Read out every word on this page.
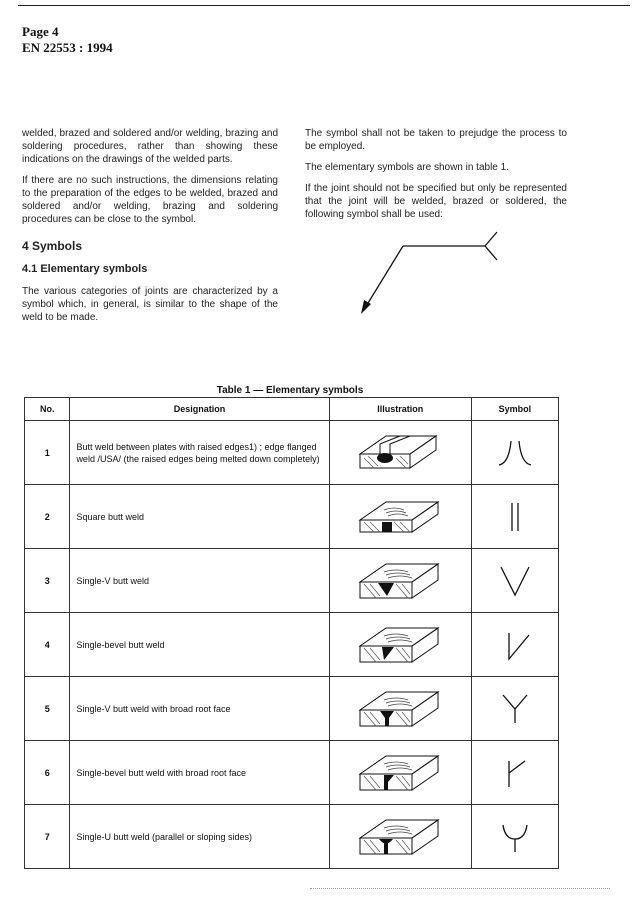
Page 4
EN 22553 : 1994

welded, brazed and soldered and/or welding, brazing and soldering procedures, rather than showing these indications on the drawings of the welded parts.

If there are no such instructions, the dimensions relating to the preparation of the edges to be welded, brazed and soldered and/or welding, brazing and soldering procedures can be close to the symbol.

4 Symbols
4.1 Elementary symbols

The various categories of joints are characterized by a symbol which, in general, is similar to the shape of the weld to be made.

The symbol shall not be taken to prejudge the process to be employed.

The elementary symbols are shown in table 1.

If the joint should not be specified but only be represented that the joint will be welded, brazed or soldered, the following symbol shall be used:

Table 1 — Elementary symbols
No.	Designation	Illustration	Symbol
1	Butt weld between plates with raised edges1) ; edge flanged weld /USA/ (the raised edges being melted down completely)	

2	Square butt weld	

3	Single-V butt weld	

4	Single-bevel butt weld	

5	Single-V butt weld with broad root face	

6	Single-bevel butt weld with broad root face	

7	Single-U butt weld (parallel or sloping sides)	
